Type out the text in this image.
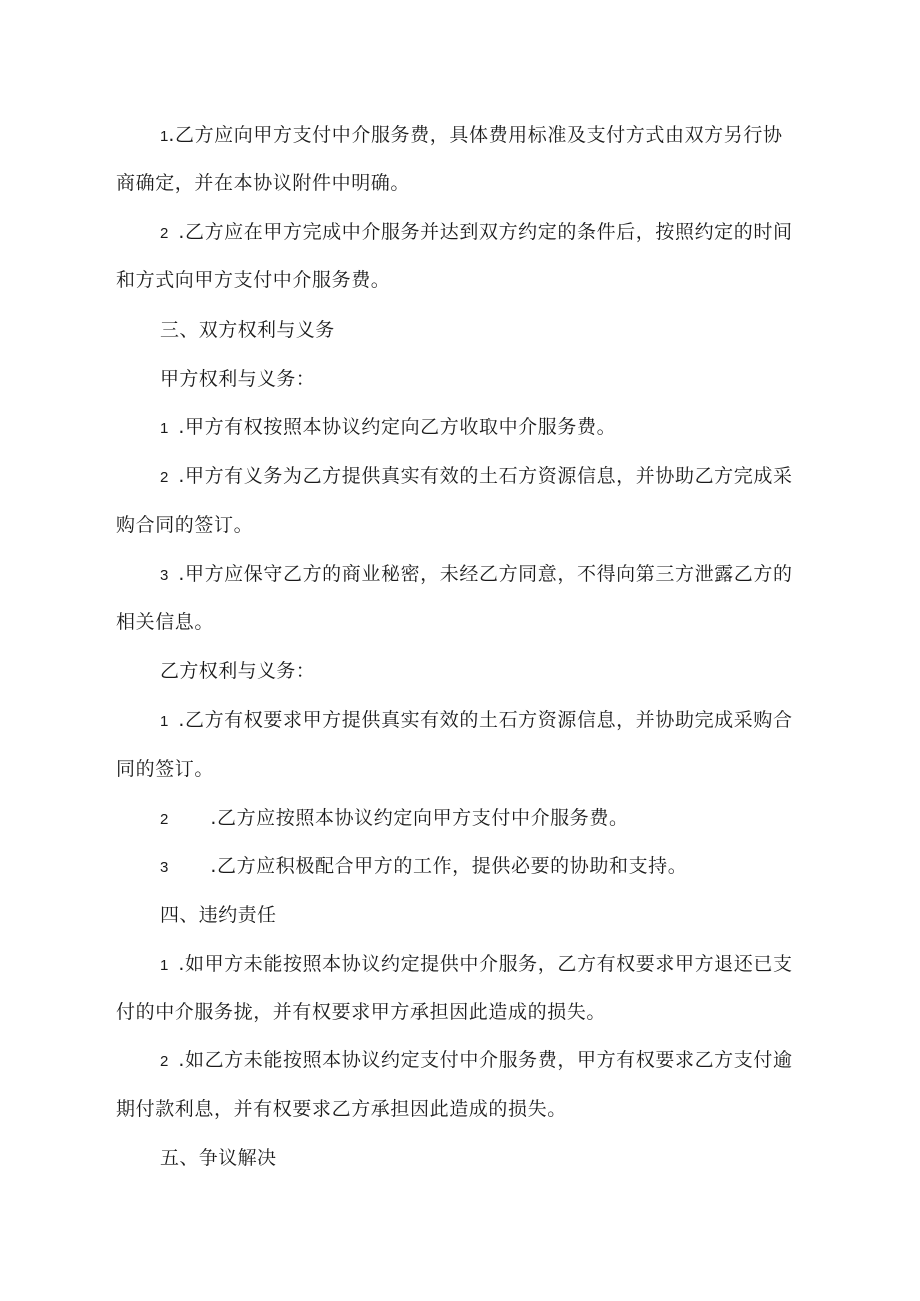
1.乙方应向甲方支付中介服务费，具体费用标准及支付方式由双方另行协
商确定，并在本协议附件中明确。
2 .乙方应在甲方完成中介服务并达到双方约定的条件后，按照约定的时间
和方式向甲方支付中介服务费。
三、双方权利与义务
甲方权利与义务：
1 .甲方有权按照本协议约定向乙方收取中介服务费。
2 .甲方有义务为乙方提供真实有效的土石方资源信息，并协助乙方完成采
购合同的签订。
3 .甲方应保守乙方的商业秘密，未经乙方同意，不得向第三方泄露乙方的
相关信息。
乙方权利与义务：
1 .乙方有权要求甲方提供真实有效的土石方资源信息，并协助完成采购合
同的签订。
2 .乙方应按照本协议约定向甲方支付中介服务费。
3 .乙方应积极配合甲方的工作，提供必要的协助和支持。
四、违约责任
1 .如甲方未能按照本协议约定提供中介服务，乙方有权要求甲方退还已支
付的中介服务拢，并有权要求甲方承担因此造成的损失。
2 .如乙方未能按照本协议约定支付中介服务费，甲方有权要求乙方支付逾
期付款利息，并有权要求乙方承担因此造成的损失。
五、争议解决
